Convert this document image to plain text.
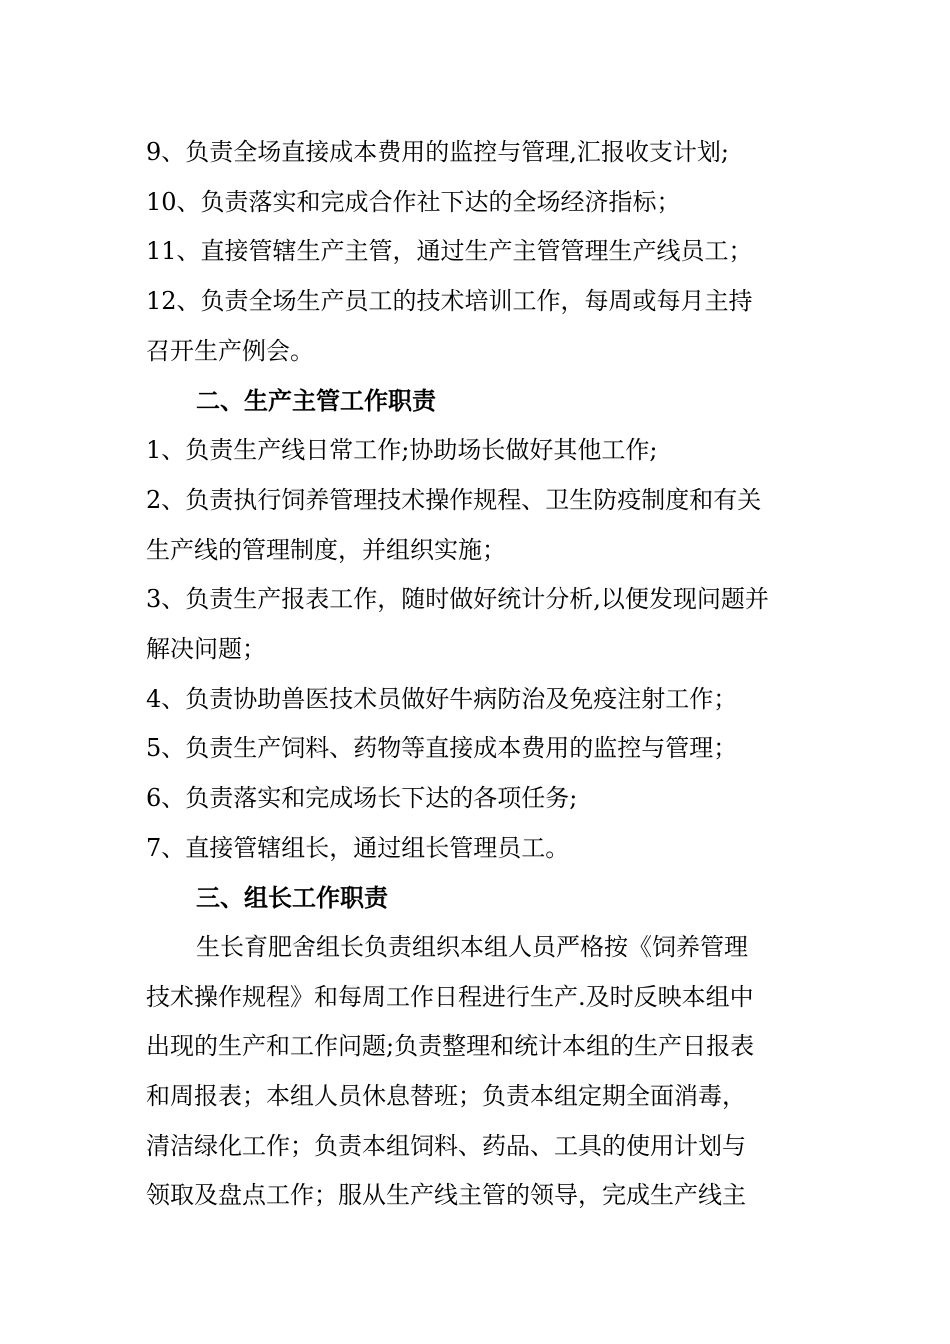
9、负责全场直接成本费用的监控与管理,汇报收支计划;
10、负责落实和完成合作社下达的全场经济指标；
11、直接管辖生产主管，通过生产主管管理生产线员工；
12、负责全场生产员工的技术培训工作，每周或每月主持
召开生产例会。
二、生产主管工作职责
1、负责生产线日常工作;协助场长做好其他工作;
2、负责执行饲养管理技术操作规程、卫生防疫制度和有关
生产线的管理制度，并组织实施；
3、负责生产报表工作，随时做好统计分析,以便发现问题并
解决问题；
4、负责协助兽医技术员做好牛病防治及免疫注射工作；
5、负责生产饲料、药物等直接成本费用的监控与管理；
6、负责落实和完成场长下达的各项任务;
7、直接管辖组长，通过组长管理员工。
三、组长工作职责
生长育肥舍组长负责组织本组人员严格按《饲养管理
技术操作规程》和每周工作日程进行生产.及时反映本组中
出现的生产和工作问题;负责整理和统计本组的生产日报表
和周报表；本组人员休息替班；负责本组定期全面消毒，
清洁绿化工作；负责本组饲料、药品、工具的使用计划与
领取及盘点工作；服从生产线主管的领导，完成生产线主
